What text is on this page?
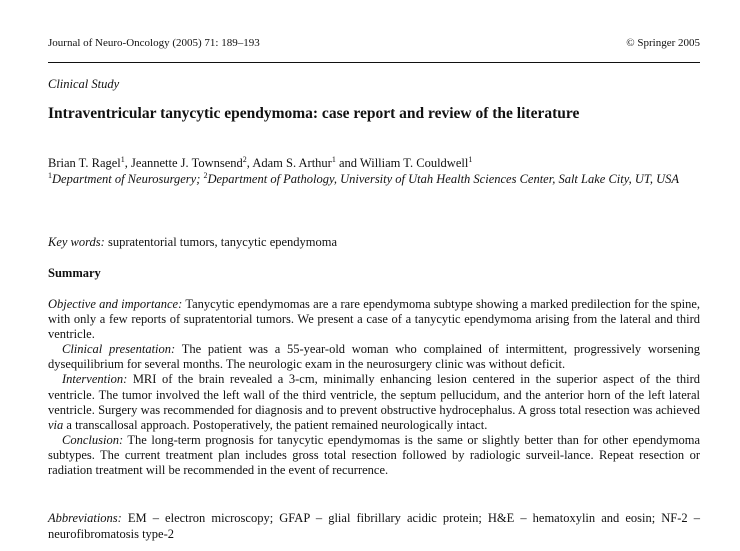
Journal of Neuro-Oncology (2005) 71: 189–193	© Springer 2005
Clinical Study
Intraventricular tanycytic ependymoma: case report and review of the literature
Brian T. Ragel$^1$, Jeannette J. Townsend$^2$, Adam S. Arthur$^1$ and William T. Couldwell$^1$
$^1$Department of Neurosurgery; $^2$Department of Pathology, University of Utah Health Sciences Center, Salt Lake City, UT, USA
Key words: supratentorial tumors, tanycytic ependymoma
Summary

Objective and importance: Tanycytic ependymomas are a rare ependymoma subtype showing a marked predilection for the spine, with only a few reports of supratentorial tumors. We present a case of a tanycytic ependymoma arising from the lateral and third ventricle.

Clinical presentation: The patient was a 55-year-old woman who complained of intermittent, progressively worsening dysequilibrium for several months. The neurologic exam in the neurosurgery clinic was without deficit.

Intervention: MRI of the brain revealed a 3-cm, minimally enhancing lesion centered in the superior aspect of the third ventricle. The tumor involved the left wall of the third ventricle, the septum pellucidum, and the anterior horn of the left lateral ventricle. Surgery was recommended for diagnosis and to prevent obstructive hydrocephalus. A gross total resection was achieved via a transcallosal approach. Postoperatively, the patient remained neurologically intact.

Conclusion: The long-term prognosis for tanycytic ependymomas is the same or slightly better than for other ependymoma subtypes. The current treatment plan includes gross total resection followed by radiologic surveil-lance. Repeat resection or radiation treatment will be recommended in the event of recurrence.

Abbreviations: EM – electron microscopy; GFAP – glial fibrillary acidic protein; H&E – hematoxylin and eosin; NF-2 – neurofibromatosis type-2
